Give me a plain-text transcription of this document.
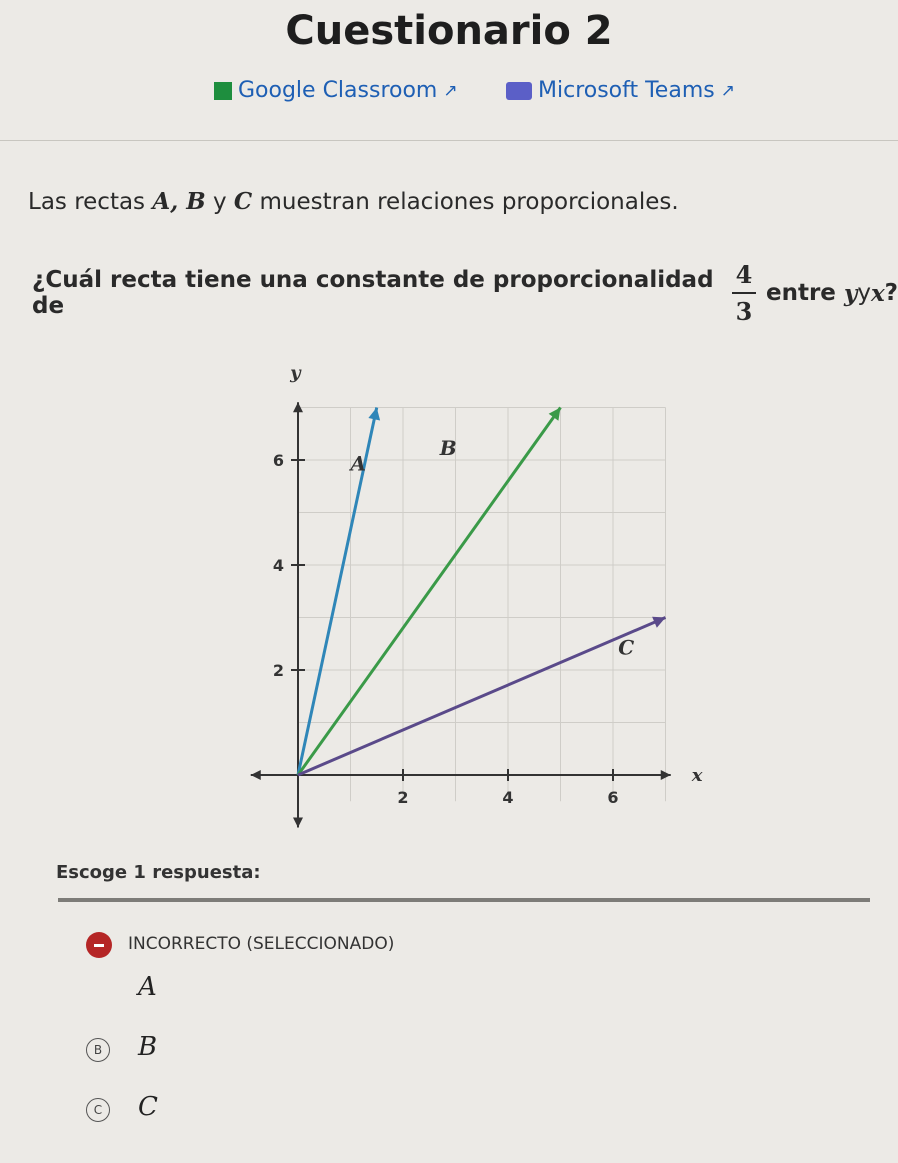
Cuestionario 2
Google Classroom ↗	Microsoft Teams ↗
Las rectas A, B y C muestran relaciones proporcionales.
¿Cuál recta tiene una constante de proporcionalidad de	$\frac{4}{3}$ entre
y y x ?
2	4	6
2
4
6
x
y
A
B
C
Escoge 1 respuesta:
INCORRECTO (SELECCIONADO)
A
B	B
C	C
